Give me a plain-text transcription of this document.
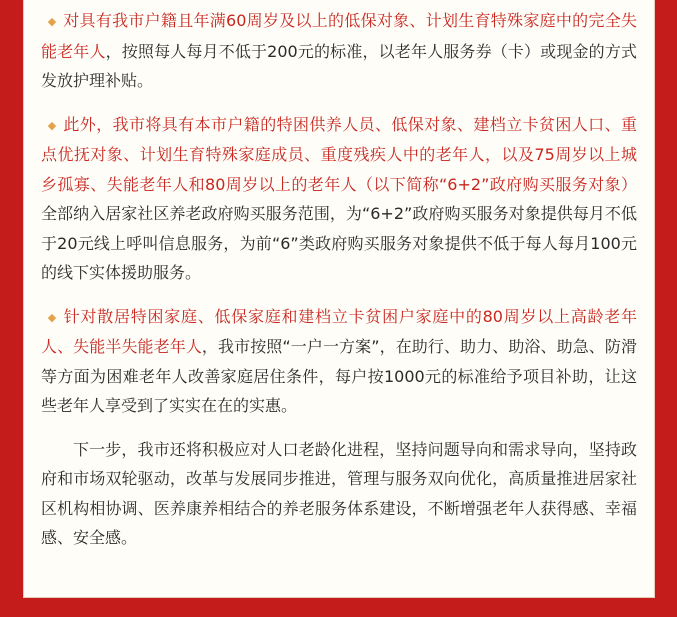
◆ 对具有我市户籍且年满60周岁及以上的低保对象、计划生育特殊家庭中的完全失能老年人，按照每人每月不低于200元的标准，以老年人服务券（卡）或现金的方式发放护理补贴。

◆ 此外，我市将具有本市户籍的特困供养人员、低保对象、建档立卡贫困人口、重点优抚对象、计划生育特殊家庭成员、重度残疾人中的老年人，以及75周岁以上城乡孤寡、失能老年人和80周岁以上的老年人（以下简称“6+2”政府购买服务对象）全部纳入居家社区养老政府购买服务范围，为“6+2”政府购买服务对象提供每月不低于20元线上呼叫信息服务，为前“6”类政府购买服务对象提供不低于每人每月100元的线下实体援助服务。

◆ 针对散居特困家庭、低保家庭和建档立卡贫困户家庭中的80周岁以上高龄老年人、失能半失能老年人，我市按照“一户一方案”，在助行、助力、助浴、助急、防滑等方面为困难老年人改善家庭居住条件，每户按1000元的标准给予项目补助，让这些老年人享受到了实实在在的实惠。

下一步，我市还将积极应对人口老龄化进程，坚持问题导向和需求导向，坚持政府和市场双轮驱动，改革与发展同步推进，管理与服务双向优化，高质量推进居家社区机构相协调、医养康养相结合的养老服务体系建设，不断增强老年人获得感、幸福感、安全感。
